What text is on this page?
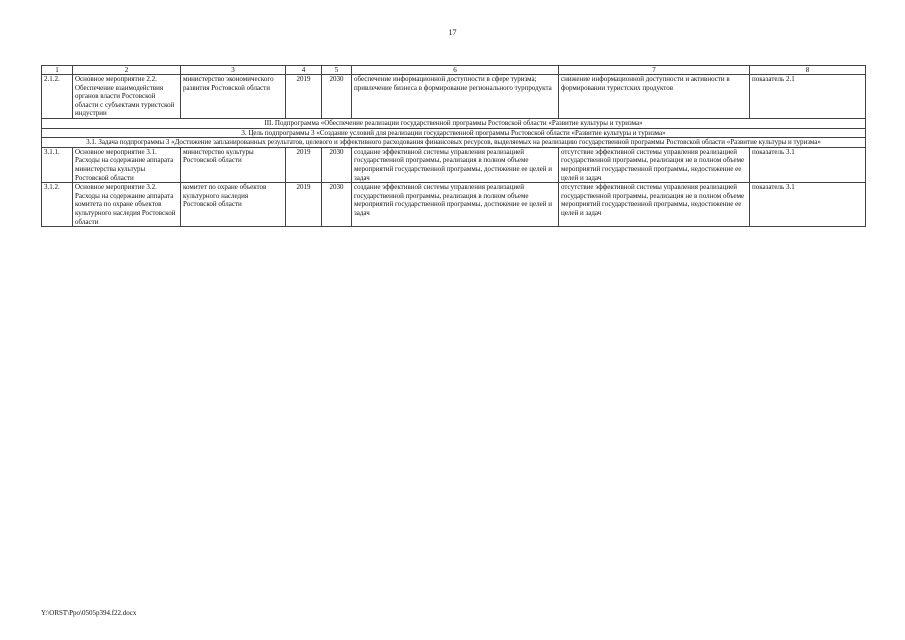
17
1	2	3	4	5	6	7	8
2.1.2.	Основное мероприятие 2.2. Обеспечение взаимодействия органов власти Ростовской области с субъектами туристской индустрии	министерство экономического развития Ростовской области	2019	2030	обеспечение информационной доступности в сфере туризма; привлечение бизнеса в формирование регионального турпродукта	снижение информационной доступности и активности в формировании туристских продуктов	показатель 2.1
III. Подпрограмма «Обеспечение реализации государственной программы Ростовской области «Развитие культуры и туризма»							
3. Цель подпрограммы 3 «Создание условий для реализации государственной программы Ростовской области «Развитие культуры и туризма»							
3.1. Задача подпрограммы 3 «Достижение запланированных результатов, целевого и эффективного расходования финансовых ресурсов, выделяемых на реализацию государственной программы Ростовской области «Развитие культуры и туризма»							
3.1.1.	Основное мероприятие 3.1. Расходы на содержание аппарата министерства культуры Ростовской области	министерство культуры Ростовской области	2019	2030	создание эффективной системы управления реализацией государственной программы, реализация в полном объеме мероприятий государственной программы, достижение ее целей и задач	отсутствие эффективной системы управления реализацией государственной программы, реализация не в полном объеме мероприятий государственной программы, недостижение ее целей и задач	показатель 3.1
3.1.2.	Основное мероприятие 3.2. Расходы на содержание аппарата комитета по охране объектов культурного наследия Ростовской области	комитет по охране объектов культурного наследия Ростовской области	2019	2030	создание эффективной системы управления реализацией государственной программы, реализация в полном объеме мероприятий государственной программы, достижение ее целей и задач	отсутствие эффективной системы управления реализацией государственной программы, реализация не в полном объеме мероприятий государственной программы, недостижение ее целей и задач	показатель 3.1
Y:\ORST\Ppo\0505p394.f22.docx
